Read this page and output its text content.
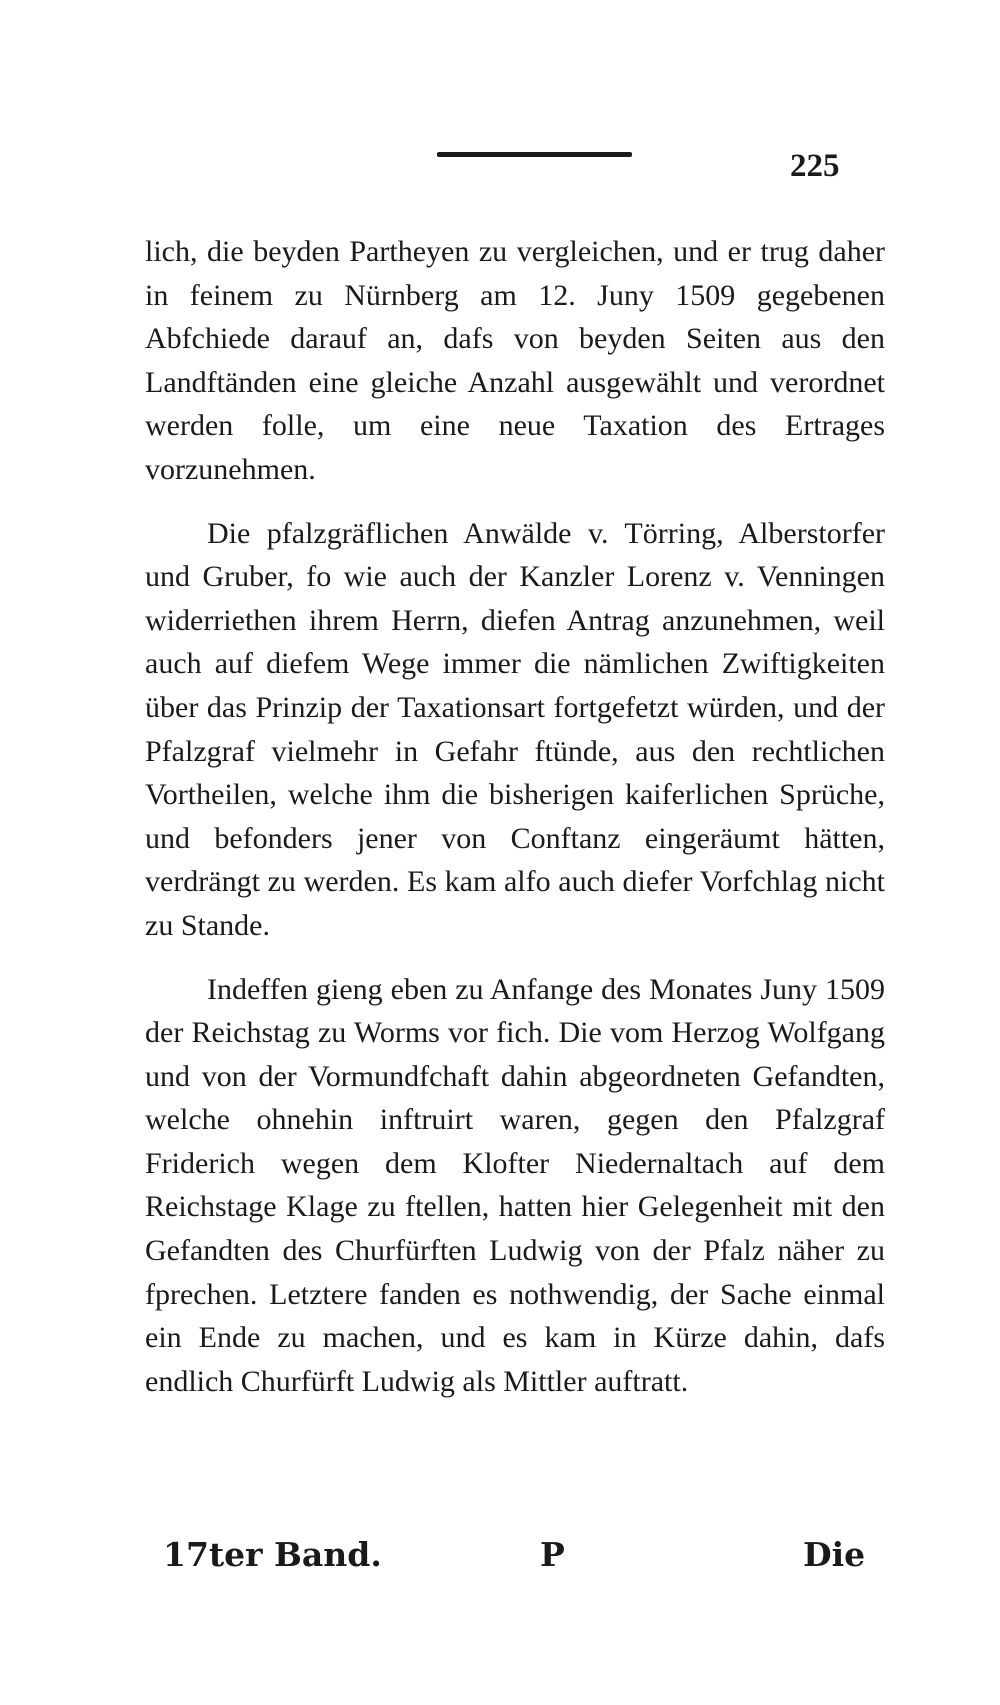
225

lich, die beyden Partheyen zu vergleichen, und er trug daher in feinem zu Nürnberg am 12. Juny 1509 gegebenen Abfchiede darauf an, dafs von beyden Seiten aus den Landftänden eine gleiche Anzahl ausgewählt und verordnet werden folle, um eine neue Taxation des Ertrages vorzunehmen.

Die pfalzgräflichen Anwälde v. Törring, Alberstorfer und Gruber, fo wie auch der Kanzler Lorenz v. Venningen widerriethen ihrem Herrn, diefen Antrag anzunehmen, weil auch auf diefem Wege immer die nämlichen Zwiftigkeiten über das Prinzip der Taxationsart fortgefetzt würden, und der Pfalzgraf vielmehr in Gefahr ftünde, aus den rechtlichen Vortheilen, welche ihm die bisherigen kaiferlichen Sprüche, und befonders jener von Conftanz eingeräumt hätten, verdrängt zu werden. Es kam alfo auch diefer Vorfchlag nicht zu Stande.

Indeffen gieng eben zu Anfange des Monates Juny 1509 der Reichstag zu Worms vor fich. Die vom Herzog Wolfgang und von der Vormundfchaft dahin abgeordneten Gefandten, welche ohnehin inftruirt waren, gegen den Pfalzgraf Friderich wegen dem Klofter Niedernaltach auf dem Reichstage Klage zu ftellen, hatten hier Gelegenheit mit den Gefandten des Churfürften Ludwig von der Pfalz näher zu fprechen. Letztere fanden es nothwendig, der Sache einmal ein Ende zu machen, und es kam in Kürze dahin, dafs endlich Churfürft Ludwig als Mittler auftratt.

17ter Band.	P	Die
